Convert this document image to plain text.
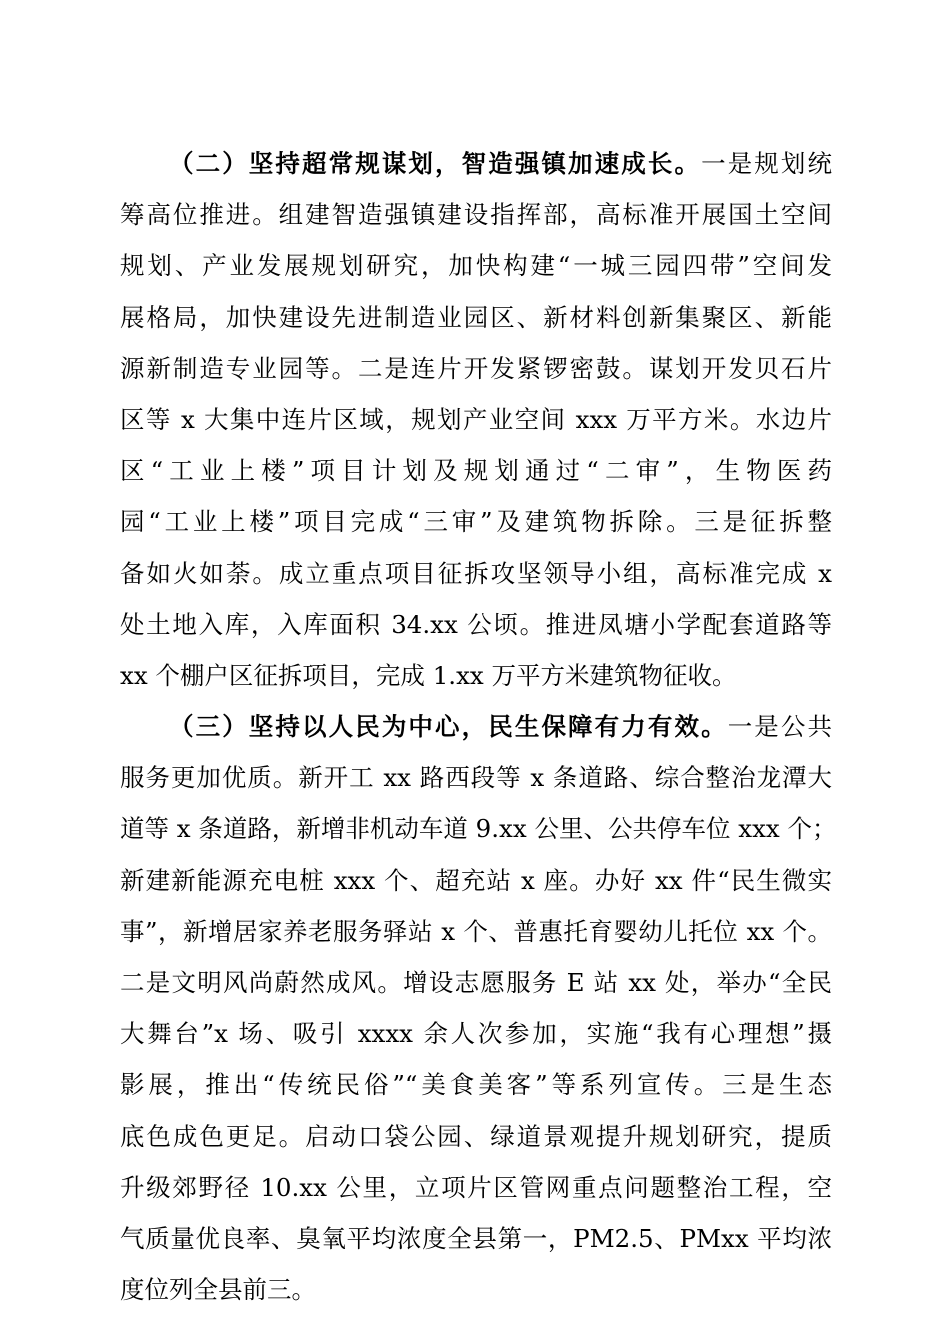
（二）坚持超常规谋划，智造强镇加速成长。一是规划统
筹高位推进。组建智造强镇建设指挥部，高标准开展国土空间
规划、产业发展规划研究，加快构建“一城三园四带”空间发
展格局，加快建设先进制造业园区、新材料创新集聚区、新能
源新制造专业园等。二是连片开发紧锣密鼓。谋划开发贝石片
区等 x 大集中连片区域，规划产业空间 xxx 万平方米。水边片
区“工业上楼”项目计划及规划通过“二审”，生物医药
园“工业上楼”项目完成“三审”及建筑物拆除。三是征拆整
备如火如荼。成立重点项目征拆攻坚领导小组，高标准完成 x
处土地入库，入库面积 34.xx 公顷。推进凤塘小学配套道路等
xx 个棚户区征拆项目，完成 1.xx 万平方米建筑物征收。
（三）坚持以人民为中心，民生保障有力有效。一是公共
服务更加优质。新开工 xx 路西段等 x 条道路、综合整治龙潭大
道等 x 条道路，新增非机动车道 9.xx 公里、公共停车位 xxx 个；
新建新能源充电桩 xxx 个、超充站 x 座。办好 xx 件“民生微实
事”，新增居家养老服务驿站 x 个、普惠托育婴幼儿托位 xx 个。
二是文明风尚蔚然成风。增设志愿服务 E 站 xx 处，举办“全民
大舞台”x 场、吸引 xxxx 余人次参加，实施“我有心理想”摄
影展，推出“传统民俗”“美食美客”等系列宣传。三是生态
底色成色更足。启动口袋公园、绿道景观提升规划研究，提质
升级郊野径 10.xx 公里，立项片区管网重点问题整治工程，空
气质量优良率、臭氧平均浓度全县第一，PM2.5、PMxx 平均浓
度位列全县前三。
